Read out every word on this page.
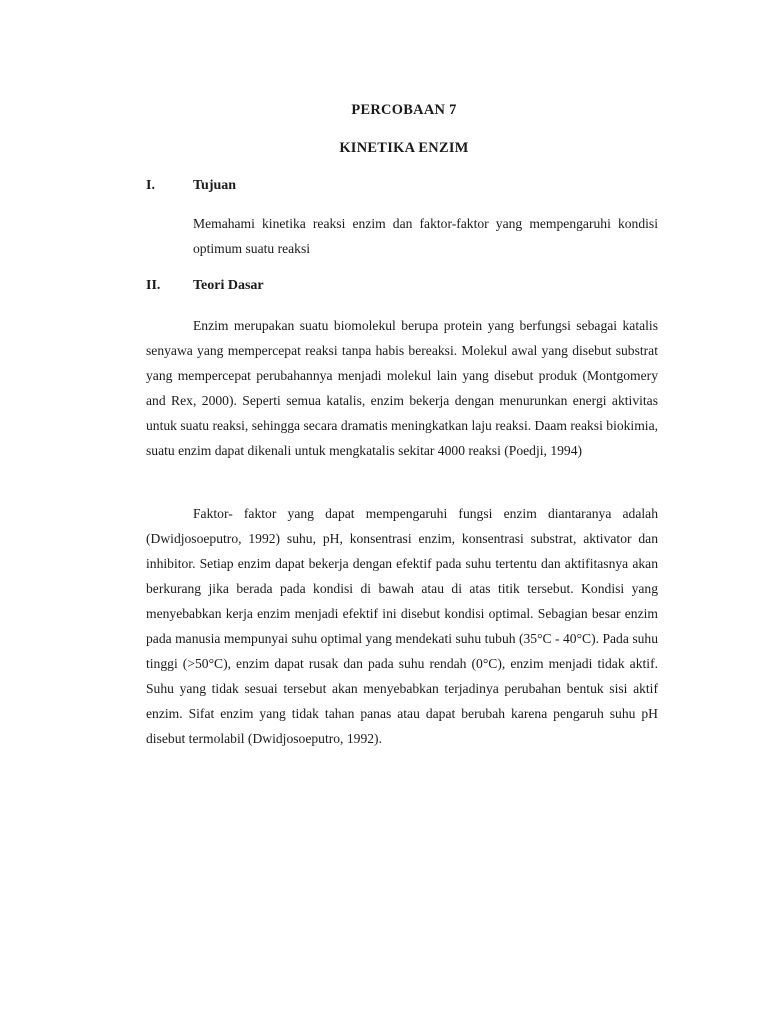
PERCOBAAN 7
KINETIKA ENZIM
I.	Tujuan

Memahami kinetika reaksi enzim dan faktor-faktor yang mempengaruhi kondisi optimum suatu reaksi

II. Teori Dasar

Enzim merupakan suatu biomolekul berupa protein yang berfungsi sebagai katalis senyawa yang mempercepat reaksi tanpa habis bereaksi. Molekul awal yang disebut substrat yang mempercepat perubahannya menjadi molekul lain yang disebut produk (Montgomery and Rex, 2000). Seperti semua katalis, enzim bekerja dengan menurunkan energi aktivitas untuk suatu reaksi, sehingga secara dramatis meningkatkan laju reaksi. Daam reaksi biokimia, suatu enzim dapat dikenali untuk mengkatalis sekitar 4000 reaksi (Poedji, 1994)

Faktor- faktor yang dapat mempengaruhi fungsi enzim diantaranya adalah (Dwidjosoeputro, 1992) suhu, pH, konsentrasi enzim, konsentrasi substrat, aktivator dan inhibitor. Setiap enzim dapat bekerja dengan efektif pada suhu tertentu dan aktifitasnya akan berkurang jika berada pada kondisi di bawah atau di atas titik tersebut. Kondisi yang menyebabkan kerja enzim menjadi efektif ini disebut kondisi optimal. Sebagian besar enzim pada manusia mempunyai suhu optimal yang mendekati suhu tubuh (35°C - 40°C). Pada suhu tinggi (>50°C), enzim dapat rusak dan pada suhu rendah (0°C), enzim menjadi tidak aktif. Suhu yang tidak sesuai tersebut akan menyebabkan terjadinya perubahan bentuk sisi aktif enzim. Sifat enzim yang tidak tahan panas atau dapat berubah karena pengaruh suhu pH disebut termolabil (Dwidjosoeputro, 1992).
